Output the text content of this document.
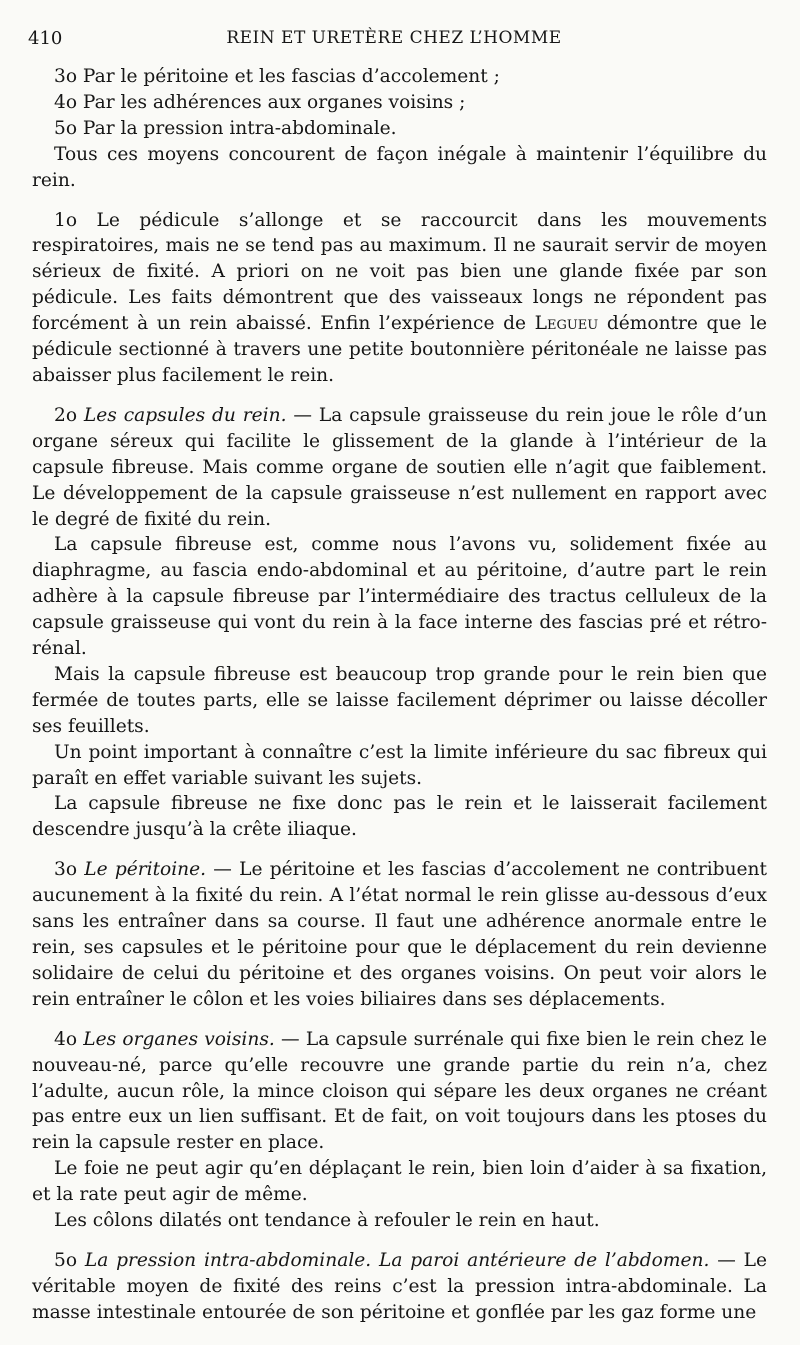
410	REIN ET URETÈRE CHEZ L’HOMME

3o Par le péritoine et les fascias d’accolement ;

4o Par les adhérences aux organes voisins ;

5o Par la pression intra-abdominale.

Tous ces moyens concourent de façon inégale à maintenir l’équilibre du rein.

1o Le pédicule s’allonge et se raccourcit dans les mouvements respiratoires, mais ne se tend pas au maximum. Il ne saurait servir de moyen sérieux de fixité. A priori on ne voit pas bien une glande fixée par son pédicule. Les faits démontrent que des vaisseaux longs ne répondent pas forcément à un rein abaissé. Enfin l’expérience de Legueu démontre que le pédicule sectionné à travers une petite boutonnière péritonéale ne laisse pas abaisser plus facilement le rein.

2o Les capsules du rein. — La capsule graisseuse du rein joue le rôle d’un organe séreux qui facilite le glissement de la glande à l’intérieur de la capsule fibreuse. Mais comme organe de soutien elle n’agit que faiblement. Le développement de la capsule graisseuse n’est nullement en rapport avec le degré de fixité du rein.

La capsule fibreuse est, comme nous l’avons vu, solidement fixée au diaphragme, au fascia endo-abdominal et au péritoine, d’autre part le rein adhère à la capsule fibreuse par l’intermédiaire des tractus celluleux de la capsule graisseuse qui vont du rein à la face interne des fascias pré et rétro-rénal.

Mais la capsule fibreuse est beaucoup trop grande pour le rein bien que fermée de toutes parts, elle se laisse facilement déprimer ou laisse décoller ses feuillets.

Un point important à connaître c’est la limite inférieure du sac fibreux qui paraît en effet variable suivant les sujets.

La capsule fibreuse ne fixe donc pas le rein et le laisserait facilement descendre jusqu’à la crête iliaque.

3o Le péritoine. — Le péritoine et les fascias d’accolement ne contribuent aucunement à la fixité du rein. A l’état normal le rein glisse au-dessous d’eux sans les entraîner dans sa course. Il faut une adhérence anormale entre le rein, ses capsules et le péritoine pour que le déplacement du rein devienne solidaire de celui du péritoine et des organes voisins. On peut voir alors le rein entraîner le côlon et les voies biliaires dans ses déplacements.

4o Les organes voisins. — La capsule surrénale qui fixe bien le rein chez le nouveau-né, parce qu’elle recouvre une grande partie du rein n’a, chez l’adulte, aucun rôle, la mince cloison qui sépare les deux organes ne créant pas entre eux un lien suffisant. Et de fait, on voit toujours dans les ptoses du rein la capsule rester en place.

Le foie ne peut agir qu’en déplaçant le rein, bien loin d’aider à sa fixation, et la rate peut agir de même.

Les côlons dilatés ont tendance à refouler le rein en haut.

5o La pression intra-abdominale. La paroi antérieure de l’abdomen. — Le véritable moyen de fixité des reins c’est la pression intra-abdominale. La masse intestinale entourée de son péritoine et gonflée par les gaz forme une
